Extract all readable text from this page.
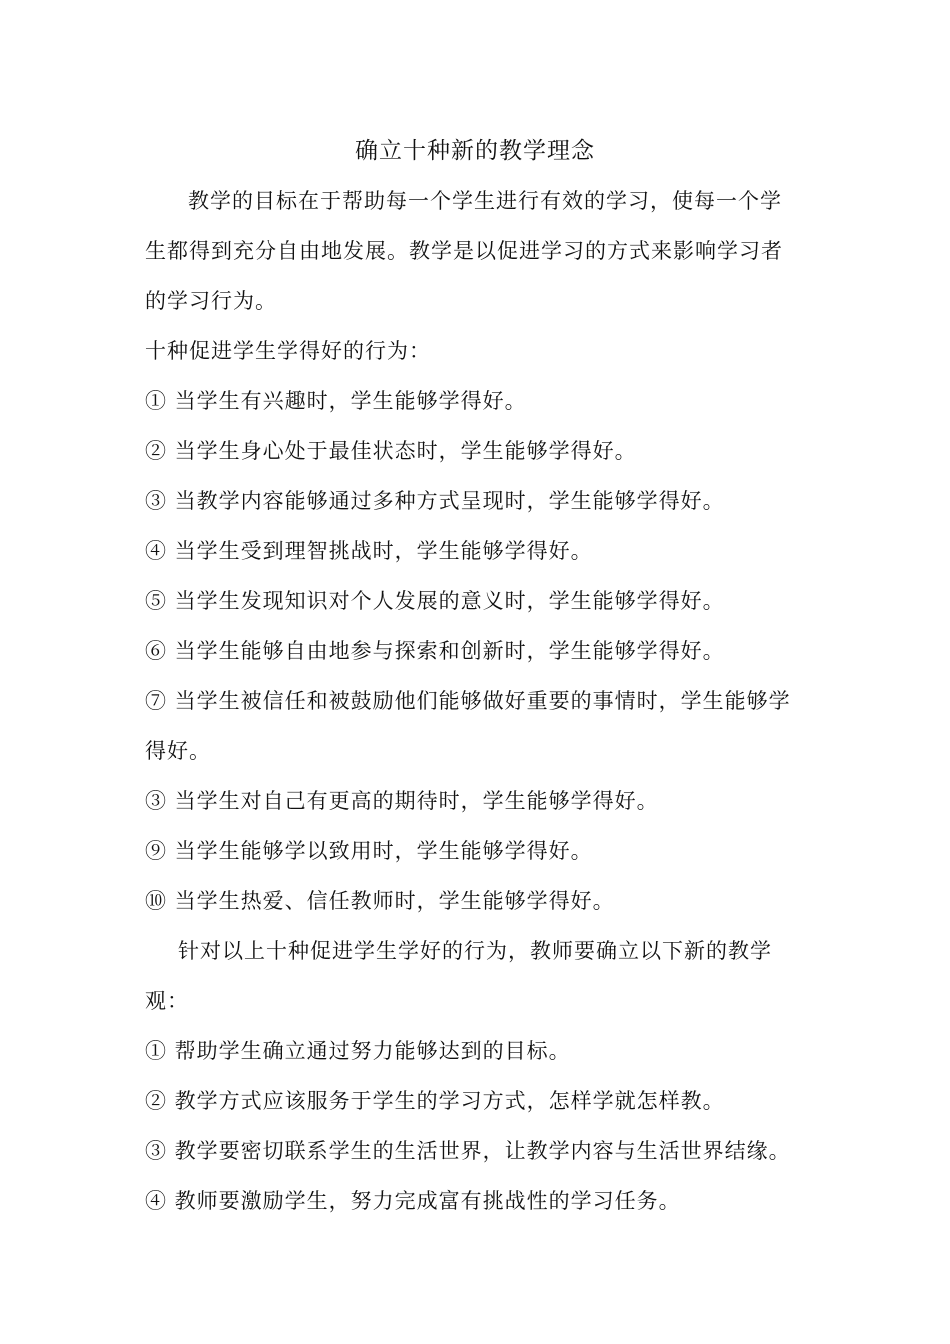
确立十种新的教学理念
教学的目标在于帮助每一个学生进行有效的学习，使每一个学
生都得到充分自由地发展。教学是以促进学习的方式来影响学习者
的学习行为。
十种促进学生学得好的行为：
① 当学生有兴趣时，学生能够学得好。
② 当学生身心处于最佳状态时，学生能够学得好。
③ 当教学内容能够通过多种方式呈现时，学生能够学得好。
④ 当学生受到理智挑战时，学生能够学得好。
⑤ 当学生发现知识对个人发展的意义时，学生能够学得好。
⑥ 当学生能够自由地参与探索和创新时，学生能够学得好。
⑦ 当学生被信任和被鼓励他们能够做好重要的事情时，学生能够学
得好。
③ 当学生对自己有更高的期待时，学生能够学得好。
⑨ 当学生能够学以致用时，学生能够学得好。
⑩ 当学生热爱、信任教师时，学生能够学得好。
针对以上十种促进学生学好的行为，教师要确立以下新的教学
观：
① 帮助学生确立通过努力能够达到的目标。
② 教学方式应该服务于学生的学习方式，怎样学就怎样教。
③ 教学要密切联系学生的生活世界，让教学内容与生活世界结缘。
④ 教师要激励学生，努力完成富有挑战性的学习任务。
